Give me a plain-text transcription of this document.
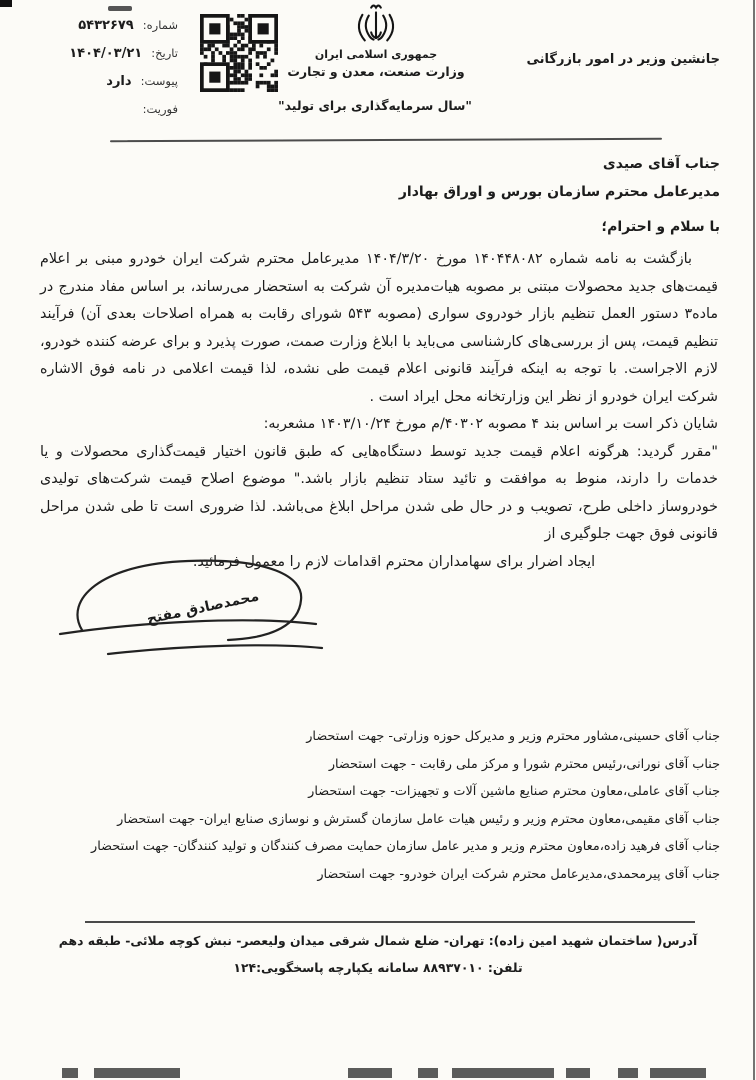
شماره:
۵۴۳۲۶۷۹
تاریخ:
۱۴۰۴/۰۳/۲۱
پیوست:
دارد
فوریت:
جمهوری اسلامی ایران
وزارت صنعت، معدن و تجارت
"سال سرمایه‌گذاری برای تولید"
جانشین وزیر در امور بازرگانی
جناب آقای صیدی
مدیرعامل محترم سازمان بورس و اوراق بهادار
با سلام و احترام؛
بازگشت به نامه شماره ۱۴۰۴۴۸۰۸۲ مورخ ۱۴۰۴/۳/۲۰ مدیرعامل محترم شرکت ایران خودرو مبنی بر اعلام قیمت‌های جدید محصولات مبتنی بر مصوبه هیات‌مدیره آن شرکت به استحضار می‌رساند، بر اساس مفاد مندرج در ماده۳ دستور العمل تنظیم بازار خودروی سواری (مصوبه ۵۴۳ شورای رقابت به همراه اصلاحات بعدی آن) فرآیند تنظیم قیمت، پس از بررسی‌های کارشناسی می‌باید با ابلاغ وزارت صمت، صورت پذیرد و برای عرضه کننده خودرو، لازم الاجراست. با توجه به اینکه فرآیند قانونی اعلام قیمت طی نشده، لذا قیمت اعلامی در نامه فوق الاشاره شرکت ایران خودرو از نظر این وزارتخانه محل ایراد است .
شایان ذکر است بر اساس بند ۴ مصوبه ۴۰۳۰۲/م مورخ ۱۴۰۳/۱۰/۲۴ مشعربه:
"مقرر گردید: هرگونه اعلام قیمت جدید توسط دستگاه‌هایی که طبق قانون اختیار قیمت‌گذاری محصولات و یا خدمات را دارند، منوط به موافقت و تائید ستاد تنظیم بازار باشد." موضوع اصلاح قیمت شرکت‌های تولیدی خودروساز داخلی طرح، تصویب و در حال طی شدن مراحل ابلاغ می‌باشد. لذا ضروری است تا طی شدن مراحل قانونی فوق جهت جلوگیری از
ایجاد اضرار برای سهامداران محترم اقدامات لازم را معمول فرمائید.
محمدصادق مفتح
جناب آقای حسینی،مشاور محترم وزیر و مدیرکل حوزه وزارتی- جهت استحضار
جناب آقای نورانی،رئیس محترم شورا و مرکز ملی رقابت - جهت استحضار
جناب آقای عاملی،معاون محترم صنایع ماشین آلات و تجهیزات- جهت استحضار
جناب آقای مقیمی،معاون محترم وزیر و رئیس هیات عامل سازمان گسترش و نوسازی صنایع ایران- جهت استحضار
جناب آقای فرهید زاده،معاون محترم وزیر و مدیر عامل سازمان حمایت مصرف کنندگان و تولید کنندگان- جهت استحضار
جناب آقای پیرمحمدی،مدیرعامل محترم شرکت ایران خودرو- جهت استحضار
آدرس( ساختمان شهید امین زاده): تهران- ضلع شمال شرقی میدان ولیعصر- نبش کوچه ملائی- طبقه دهم
تلفن: ۸۸۹۳۷۰۱۰ سامانه یکپارچه پاسخگویی:۱۲۴
